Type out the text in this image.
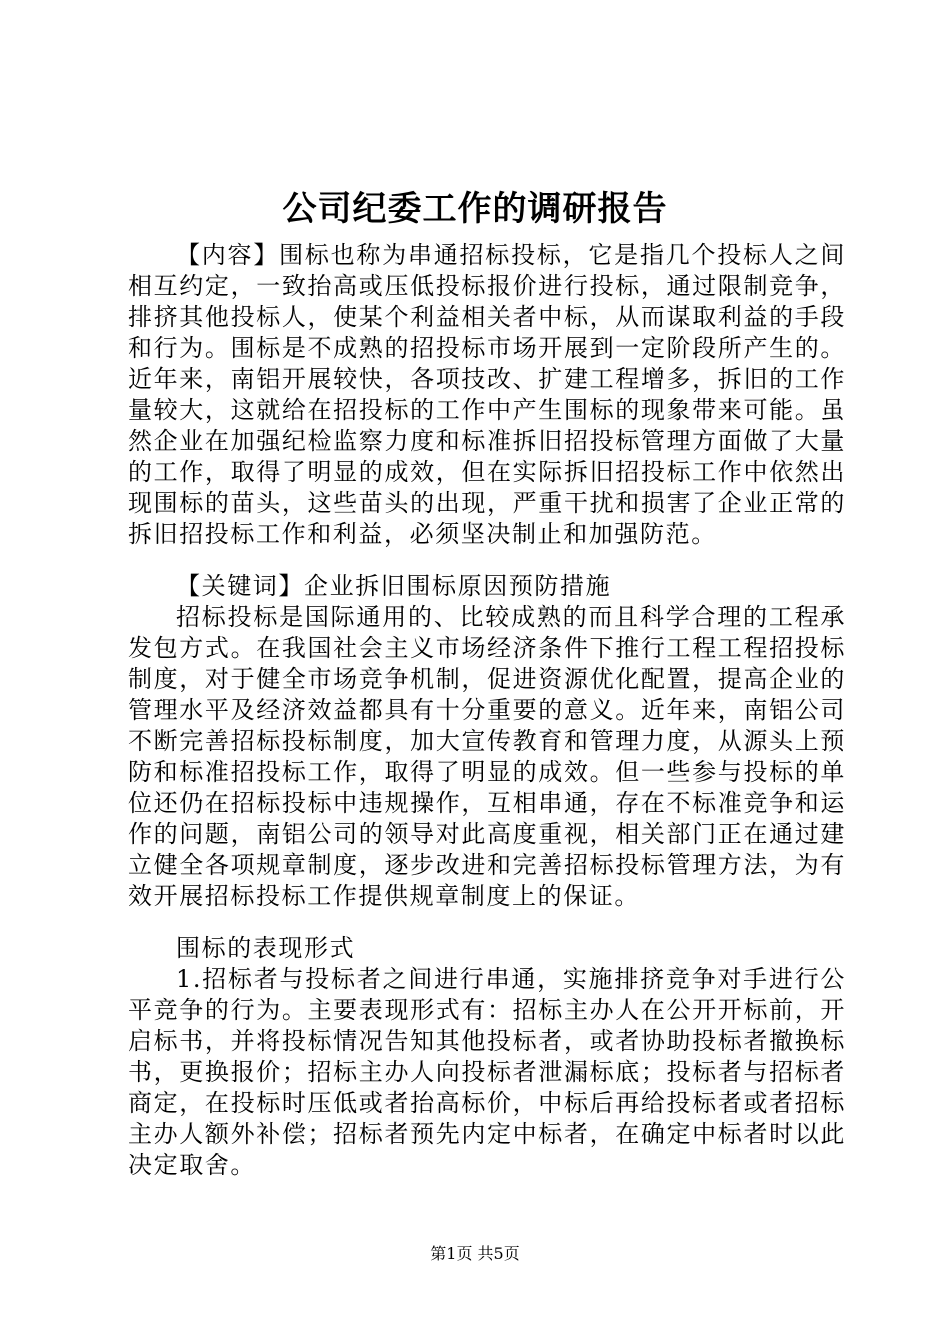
公司纪委工作的调研报告

【内容】围标也称为串通招标投标，它是指几个投标人之间相互约定，一致抬高或压低投标报价进行投标，通过限制竞争，排挤其他投标人，使某个利益相关者中标，从而谋取利益的手段和行为。围标是不成熟的招投标市场开展到一定阶段所产生的。近年来，南铝开展较快，各项技改、扩建工程增多，拆旧的工作量较大，这就给在招投标的工作中产生围标的现象带来可能。虽然企业在加强纪检监察力度和标准拆旧招投标管理方面做了大量的工作，取得了明显的成效，但在实际拆旧招投标工作中依然出现围标的苗头，这些苗头的出现，严重干扰和损害了企业正常的拆旧招投标工作和利益，必须坚决制止和加强防范。

【关键词】企业拆旧围标原因预防措施

招标投标是国际通用的、比较成熟的而且科学合理的工程承发包方式。在我国社会主义市场经济条件下推行工程工程招投标制度，对于健全市场竞争机制，促进资源优化配置，提高企业的管理水平及经济效益都具有十分重要的意义。近年来，南铝公司不断完善招标投标制度，加大宣传教育和管理力度，从源头上预防和标准招投标工作，取得了明显的成效。但一些参与投标的单位还仍在招标投标中违规操作，互相串通，存在不标准竞争和运作的问题，南铝公司的领导对此高度重视，相关部门正在通过建立健全各项规章制度，逐步改进和完善招标投标管理方法，为有效开展招标投标工作提供规章制度上的保证。

围标的表现形式

1.招标者与投标者之间进行串通，实施排挤竞争对手进行公平竞争的行为。主要表现形式有：招标主办人在公开开标前，开启标书，并将投标情况告知其他投标者，或者协助投标者撤换标书，更换报价；招标主办人向投标者泄漏标底；投标者与招标者商定，在投标时压低或者抬高标价，中标后再给投标者或者招标主办人额外补偿；招标者预先内定中标者，在确定中标者时以此决定取舍。

第1页 共5页
